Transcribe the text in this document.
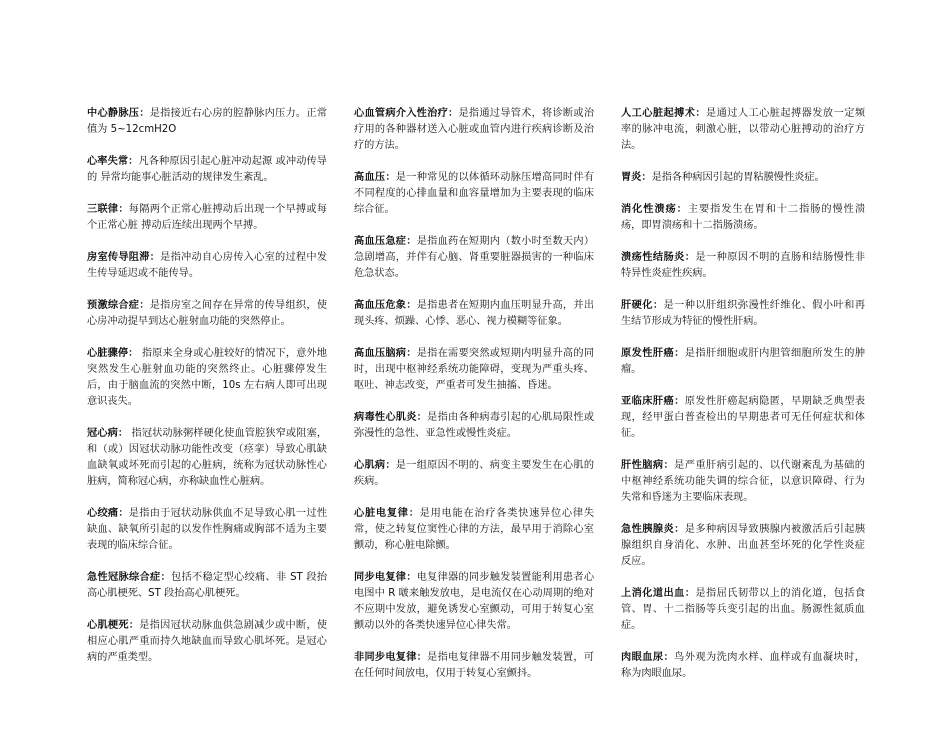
中心静脉压：是指接近右心房的腔静脉内压力。正常值为 5~12cmH2O

心率失常：凡各种原因引起心脏冲动起源 或冲动传导的 异常均能事心脏活动的规律发生紊乱。

三联律：每隔两个正常心脏搏动后出现一个早搏或每个正常心脏 搏动后连续出现两个早搏。

房室传导阻滞：是指冲动自心房传入心室的过程中发生传导延迟或不能传导。

预激综合症：是指房室之间存在异常的传导组织，使心房冲动提早到达心脏射血功能的突然停止。

心脏骤停： 指原来全身或心脏较好的情况下，意外地突然发生心脏射血功能的突然终止。心脏骤停发生后，由于脑血流的突然中断，10s 左右病人即可出现意识丧失。

冠心病： 指冠状动脉粥样硬化使血管腔狭窄或阻塞，和（或）因冠状动脉功能性改变（痉挛）导致心肌缺血缺氧或坏死而引起的心脏病，统称为冠状动脉性心脏病，简称冠心病，亦称缺血性心脏病。

心绞痛：是指由于冠状动脉供血不足导致心肌一过性缺血、缺氧所引起的以发作性胸痛或胸部不适为主要表现的临床综合征。

急性冠脉综合症：包括不稳定型心绞痛、非 ST 段抬高心肌梗死、ST 段抬高心肌梗死。

心肌梗死：是指因冠状动脉血供急剧减少或中断，使相应心肌严重而持久地缺血而导致心肌坏死。是冠心病的严重类型。

心血管病介入性治疗：是指通过导管术，将诊断或治疗用的各种器材送入心脏或血管内进行疾病诊断及治疗的方法。

高血压：是一种常见的以体循环动脉压增高同时伴有不同程度的心排血量和血容量增加为主要表现的临床综合征。

高血压急症：是指血药在短期内（数小时至数天内）急剧增高，并伴有心脑、肾重要脏器损害的一种临床危急状态。

高血压危象：是指患者在短期内血压明显升高，并出现头疼、烦躁、心悸、恶心、视力模糊等征象。

高血压脑病：是指在需要突然或短期内明显升高的同时，出现中枢神经系统功能障碍，变现为严重头疼、呕吐、神志改变，严重者可发生抽搐、昏迷。

病毒性心肌炎：是指由各种病毒引起的心肌局限性或弥漫性的急性、亚急性或慢性炎症。

心肌病：是一组原因不明的、病变主要发生在心肌的疾病。

心脏电复律：是用电能在治疗各类快速异位心律失常，使之转复位窦性心律的方法，最早用于消除心室颤动，称心脏电除颤。

同步电复律：电复律器的同步触发装置能利用患者心电图中 R 啵来触发放电，是电流仅在心动周期的绝对不应期中发放，避免诱发心室颤动，可用于转复心室颤动以外的各类快速异位心律失常。

非同步电复律：是指电复律器不用同步触发装置，可在任何时间放电，仅用于转复心室颤抖。

人工心脏起搏术：是通过人工心脏起搏器发放一定频率的脉冲电流，刺激心脏，以带动心脏搏动的治疗方法。

胃炎：是指各种病因引起的胃粘膜慢性炎症。

消化性溃疡：主要指发生在胃和十二指肠的慢性溃疡，即胃溃疡和十二指肠溃疡。

溃疡性结肠炎：是一种原因不明的直肠和结肠慢性非特异性炎症性疾病。

肝硬化：是一种以肝组织弥漫性纤维化、假小叶和再生结节形成为特征的慢性肝病。

原发性肝癌：是指肝细胞或肝内胆管细胞所发生的肿瘤。

亚临床肝癌：原发性肝癌起病隐匿，早期缺乏典型表现，经甲蛋白普查检出的早期患者可无任何症状和体征。

肝性脑病：是严重肝病引起的、以代谢紊乱为基础的中枢神经系统功能失调的综合征，以意识障碍、行为失常和昏迷为主要临床表现。

急性胰腺炎：是多种病因导致胰腺内被激活后引起胰腺组织自身消化、水肿、出血甚至坏死的化学性炎症反应。

上消化道出血：是指屈氏韧带以上的消化道，包括食管、胃、十二指肠等兵变引起的出血。肠源性氮质血症。

肉眼血尿：鸟外观为洗肉水样、血样或有血凝块时，称为肉眼血尿。
